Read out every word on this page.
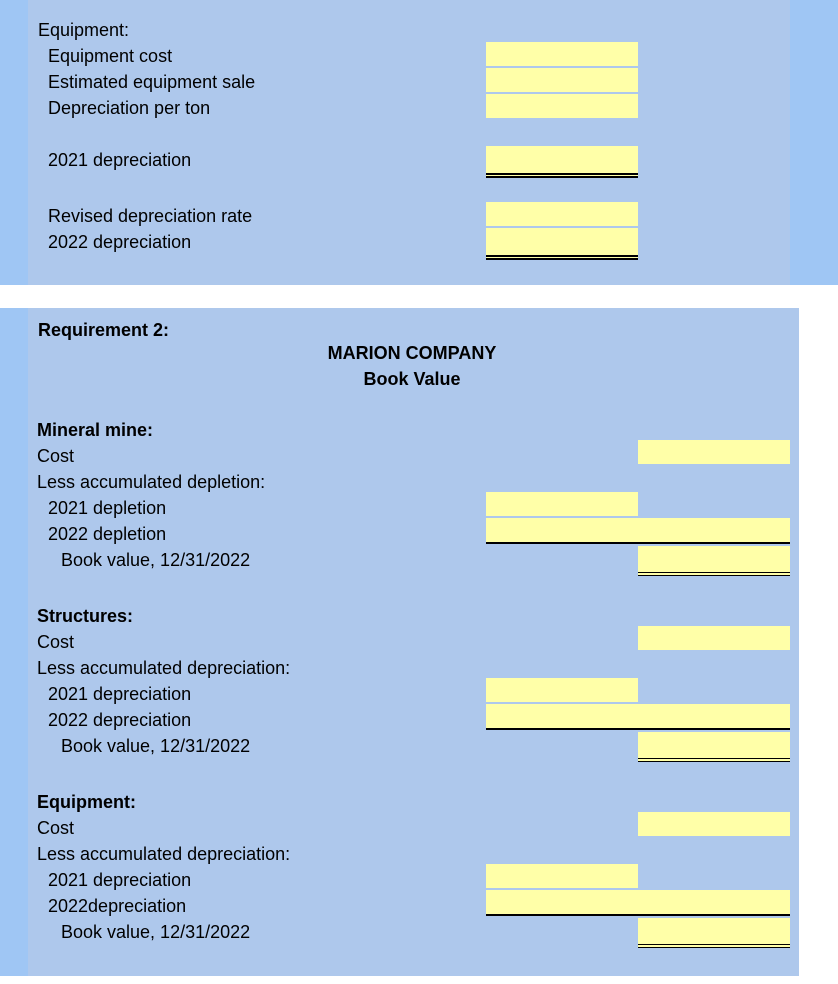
Equipment:
Equipment cost
Estimated equipment sale
Depreciation per ton
2021 depreciation
Revised depreciation rate
2022 depreciation
Requirement 2:
MARION COMPANY
Book Value
Mineral mine:
Cost
Less accumulated depletion:
2021 depletion
2022 depletion
Book value, 12/31/2022
Structures:
Cost
Less accumulated depreciation:
2021 depreciation
2022 depreciation
Book value, 12/31/2022
Equipment:
Cost
Less accumulated depreciation:
2021 depreciation
2022depreciation
Book value, 12/31/2022
